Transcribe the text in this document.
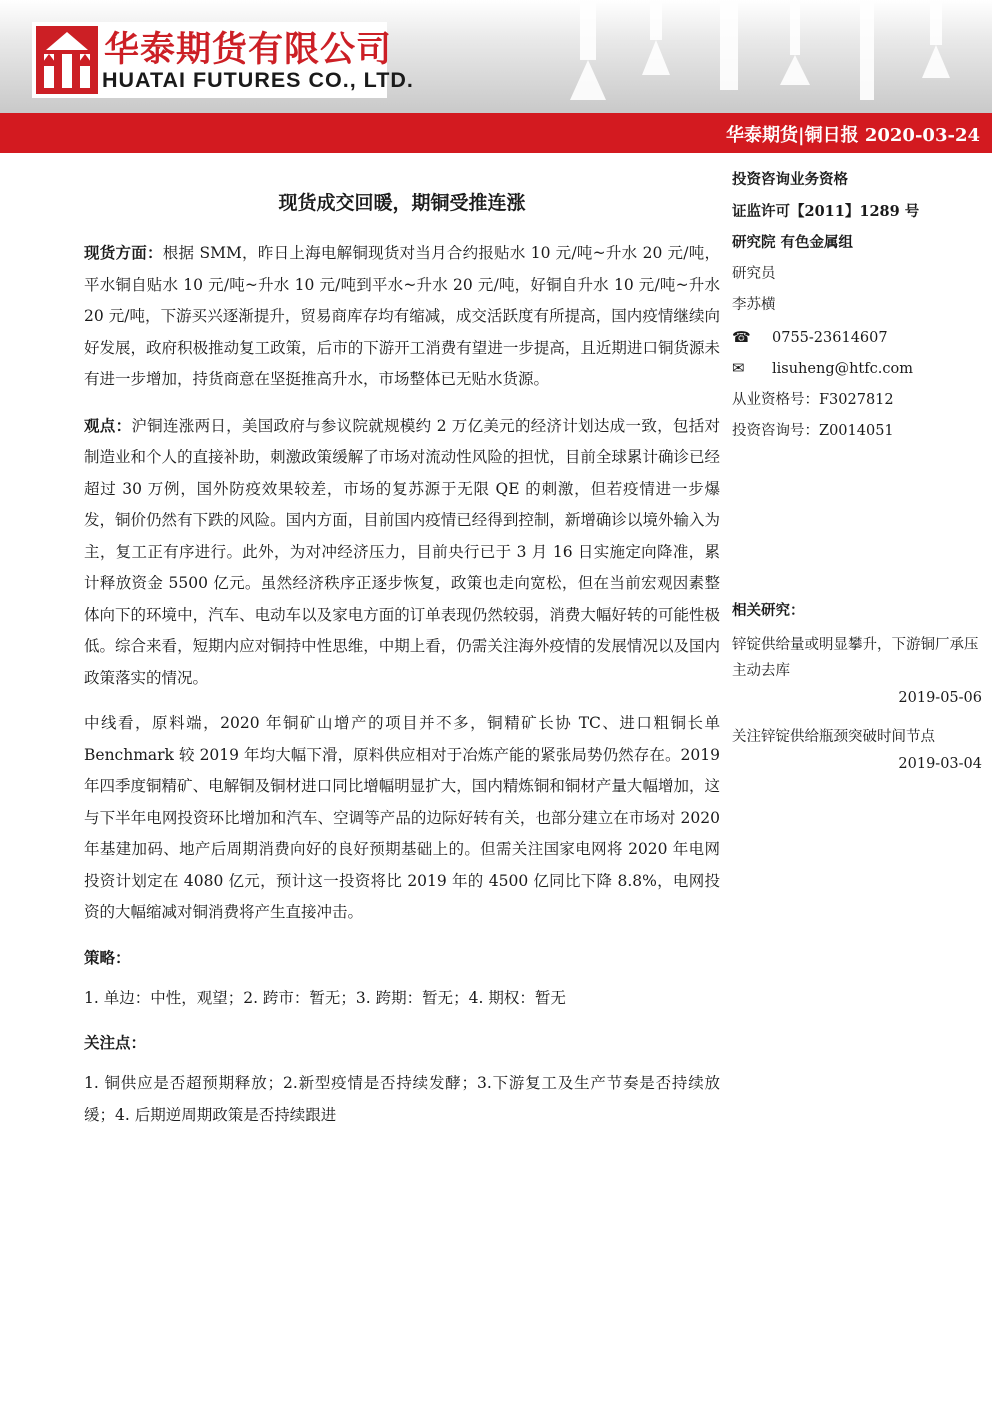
华泰期货有限公司
HUATAI FUTURES CO., LTD.
华泰期货|铜日报 2020-03-24
现货成交回暖，期铜受推连涨

现货方面：根据 SMM，昨日上海电解铜现货对当月合约报贴水 10 元/吨~升水 20 元/吨，平水铜自贴水 10 元/吨~升水 10 元/吨到平水~升水 20 元/吨，好铜自升水 10 元/吨~升水 20 元/吨，下游买兴逐渐提升，贸易商库存均有缩减，成交活跃度有所提高，国内疫情继续向好发展，政府积极推动复工政策，后市的下游开工消费有望进一步提高，且近期进口铜货源未有进一步增加，持货商意在坚挺推高升水，市场整体已无贴水货源。

观点：沪铜连涨两日，美国政府与参议院就规模约 2 万亿美元的经济计划达成一致，包括对制造业和个人的直接补助，刺激政策缓解了市场对流动性风险的担忧，目前全球累计确诊已经超过 30 万例，国外防疫效果较差，市场的复苏源于无限 QE 的刺激，但若疫情进一步爆发，铜价仍然有下跌的风险。国内方面，目前国内疫情已经得到控制，新增确诊以境外输入为主，复工正有序进行。此外，为对冲经济压力，目前央行已于 3 月 16 日实施定向降准，累计释放资金 5500 亿元。虽然经济秩序正逐步恢复，政策也走向宽松，但在当前宏观因素整体向下的环境中，汽车、电动车以及家电方面的订单表现仍然较弱，消费大幅好转的可能性极低。综合来看，短期内应对铜持中性思维，中期上看，仍需关注海外疫情的发展情况以及国内政策落实的情况。

中线看，原料端，2020 年铜矿山增产的项目并不多，铜精矿长协 TC、进口粗铜长单 Benchmark 较 2019 年均大幅下滑，原料供应相对于冶炼产能的紧张局势仍然存在。2019 年四季度铜精矿、电解铜及铜材进口同比增幅明显扩大，国内精炼铜和铜材产量大幅增加，这与下半年电网投资环比增加和汽车、空调等产品的边际好转有关，也部分建立在市场对 2020 年基建加码、地产后周期消费向好的良好预期基础上的。但需关注国家电网将 2020 年电网投资计划定在 4080 亿元，预计这一投资将比 2019 年的 4500 亿同比下降 8.8%，电网投资的大幅缩减对铜消费将产生直接冲击。

策略：

1. 单边：中性，观望；2. 跨市：暂无；3. 跨期：暂无；4. 期权：暂无

关注点：

1. 铜供应是否超预期释放；2.新型疫情是否持续发酵；3.下游复工及生产节奏是否持续放缓；4. 后期逆周期政策是否持续跟进

投资咨询业务资格
证监许可【2011】1289 号
研究院 有色金属组
研究员
李苏横
☎ 0755-23614607
✉ lisuheng@htfc.com
从业资格号：F3027812
投资咨询号：Z0014051
相关研究：
锌锭供给量或明显攀升，下游铜厂承压主动去库
2019-05-06
关注锌锭供给瓶颈突破时间节点
2019-03-04
